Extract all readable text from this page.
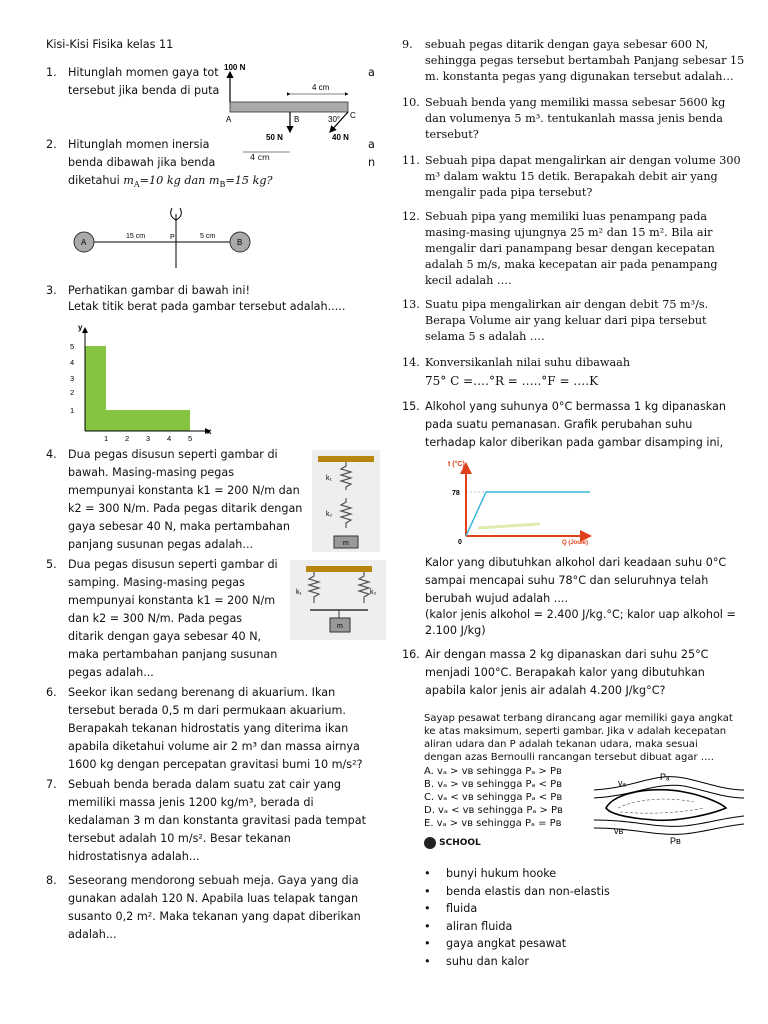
Kisi-Kisi Fisika kelas 11
1. Hitunglah momen gaya tot	a
tersebut jika benda di puta
100 N
4 cm
A	B	C
30°
50 N	40 N
2. Hitunglah momen inersia	a
benda dibawah jika benda	4 cm	n
diketahui $m_A=10$ kg dan $m_B=15$ kg?
A	B
P
15 cm	5 cm
3. Perhatikan gambar di bawah ini!
Letak titik berat pada gambar tersebut adalah.....
y
x
1
2
3
4
5
1 2 3 4 5
4. Dua pegas disusun seperti gambar di
bawah. Masing-masing pegas
mempunyai konstanta k1 = 200 N/m dan
k2 = 300 N/m. Pada pegas ditarik dengan
gaya sebesar 40 N, maka pertambahan
panjang susunan pegas adalah...
k₁
k₂
m
5. Dua pegas disusun seperti gambar di
samping. Masing-masing pegas
mempunyai konstanta k1 = 200 N/m
dan k2 = 300 N/m. Pada pegas
ditarik dengan gaya sebesar 40 N,
maka pertambahan panjang susunan
pegas adalah...
k₁	k₂
m
6. Seekor ikan sedang berenang di akuarium. Ikan
tersebut berada 0,5 m dari permukaan akuarium.
Berapakah tekanan hidrostatis yang diterima ikan
apabila diketahui volume air 2 m³ dan massa airnya
1600 kg dengan percepatan gravitasi bumi 10 m/s²?
7. Sebuah benda berada dalam suatu zat cair yang
memiliki massa jenis 1200 kg/m³, berada di
kedalaman 3 m dan konstanta gravitasi pada tempat
tersebut adalah 10 m/s². Besar tekanan
hidrostatisnya adalah...
8. Seseorang mendorong sebuah meja. Gaya yang dia
gunakan adalah 120 N. Apabila luas telapak tangan
susanto 0,2 m². Maka tekanan yang dapat diberikan
adalah...
9. sebuah pegas ditarik dengan gaya sebesar 600 N,
sehingga pegas tersebut bertambah Panjang sebesar 15
m. konstanta pegas yang digunakan tersebut adalah…
10. Sebuah benda yang memiliki massa sebesar 5600 kg
dan volumenya 5 m³. tentukanlah massa jenis benda
tersebut?
11. Sebuah pipa dapat mengalirkan air dengan volume 300
m³ dalam waktu 15 detik. Berapakah debit air yang
mengalir pada pipa tersebut?
12. Sebuah pipa yang memiliki luas penampang pada
masing-masing ujungnya 25 m² dan 15 m². Bila air
mengalir dari panampang besar dengan kecepatan
adalah 5 m/s, maka kecepatan air pada penampang
kecil adalah ….
13. Suatu pipa mengalirkan air dengan debit 75 m³/s.
Berapa Volume air yang keluar dari pipa tersebut
selama 5 s adalah ….
14. Konversikanlah nilai suhu dibawaah
75° C =….°R = …..°F = ….K
15. Alkohol yang suhunya 0°C bermassa 1 kg dipanaskan
pada suatu pemanasan. Grafik perubahan suhu
terhadap kalor diberikan pada gambar disamping ini,
t (°C)
78
0	Q (Joule)
Kalor yang dibutuhkan alkohol dari keadaan suhu 0°C
sampai mencapai suhu 78°C dan seluruhnya telah
berubah wujud adalah ....
(kalor jenis alkohol = 2.400 J/kg.°C; kalor uap alkohol =
2.100 J/kg)
16. Air dengan massa 2 kg dipanaskan dari suhu 25°C
menjadi 100°C. Berapakah kalor yang dibutuhkan
apabila kalor jenis air adalah 4.200 J/kg°C?
Sayap pesawat terbang dirancang agar memiliki gaya angkat
ke atas maksimum, seperti gambar. Jika v adalah kecepatan
aliran udara dan P adalah tekanan udara, maka sesuai
dengan azas Bernoulli rancangan tersebut dibuat agar ….
A. vₐ > vʙ sehingga Pₐ > Pʙ
B. vₐ > vʙ sehingga Pₐ < Pʙ
C. vₐ < vʙ sehingga Pₐ < Pʙ
D. vₐ < vʙ sehingga Pₐ > Pʙ
E. vₐ > vʙ sehingga Pₐ = Pʙ
vₐ
Pₐ
vʙ
Pʙ
SCHOOL
• bunyi hukum hooke
• benda elastis dan non-elastis
• fluida
• aliran fluida
• gaya angkat pesawat
• suhu dan kalor
